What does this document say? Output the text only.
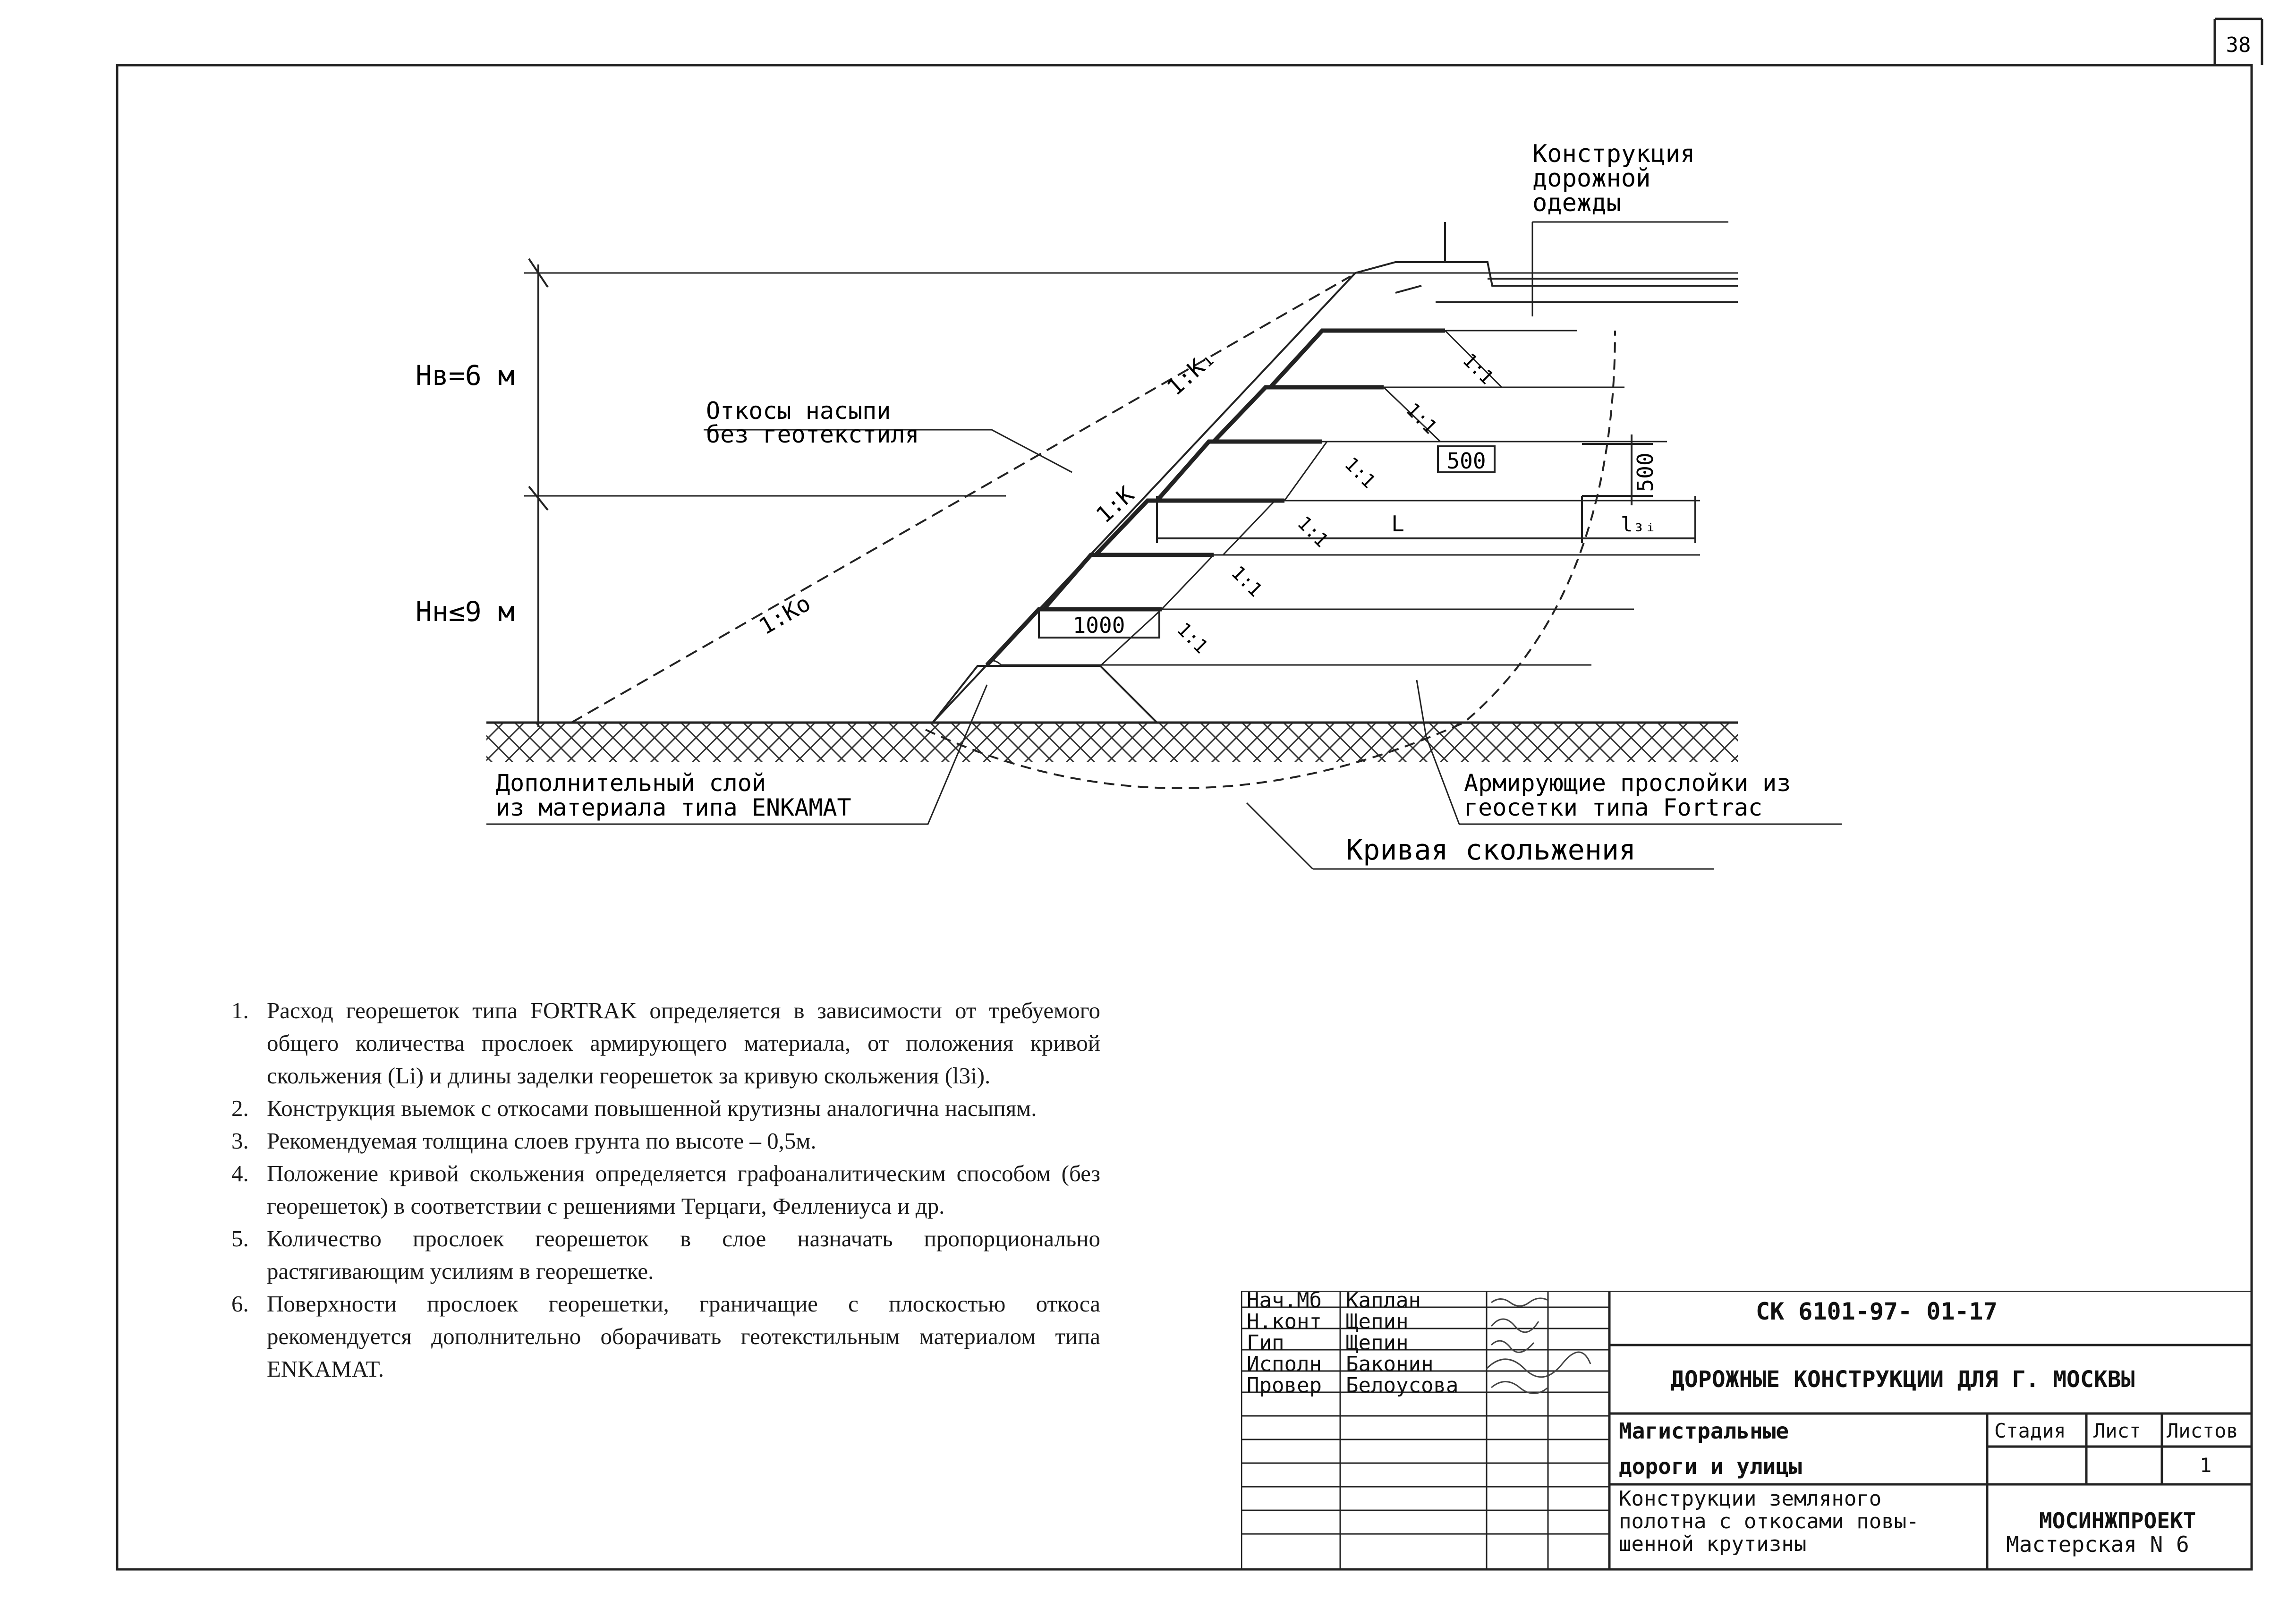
38
Hв=6 м
Hн≤9 м
500	500
1000
L	l₃ᵢ
1:K₁
1:K
1:Kо
1:1
1:1
1:1
1:1
1:1
1:1
Конструкция
дорожной
одежды
Откосы насыпи
без геотекстиля
Дополнительный слой
из материала типа ENKAMAT
Армирующие прослойки из
геосетки типа Fortrac
Кривая скольжения
1. Расход георешеток типа FORTRAK определяется в зависимости от требуемого общего количества прослоек армирующего материала, от положения кривой скольжения (Li) и длины заделки георешеток за кривую скольжения (l3i).
2. Конструкция выемок с откосами повышенной крутизны аналогична насыпям.
3. Рекомендуемая толщина слоев грунта по высоте – 0,5м.
4. Положение кривой скольжения определяется графоаналитическим способом (без георешеток) в соответствии с решениями Терцаги, Феллениуса и др.
5. Количество прослоек георешеток в слое назначать пропорционально растягивающим усилиям в георешетке.
6. Поверхности прослоек георешетки, граничащие с плоскостью откоса рекомендуется дополнительно оборачивать геотекстильным материалом типа ENKAMAT.
Нач.Мб
Н.конт
Гип
Исполн
Провер
Каплан
Щепин
Щепин
Баконин
Белоусова
СК 6101-97- 01-17
ДОРОЖНЫЕ КОНСТРУКЦИИ ДЛЯ Г. МОСКВЫ
Магистральные
дороги и улицы
Конструкции земляного
полотна с откосами повы-
шенной крутизны
Стадия Лист Листов
1
МОСИНЖПРОЕКТ
Мастерская N 6
